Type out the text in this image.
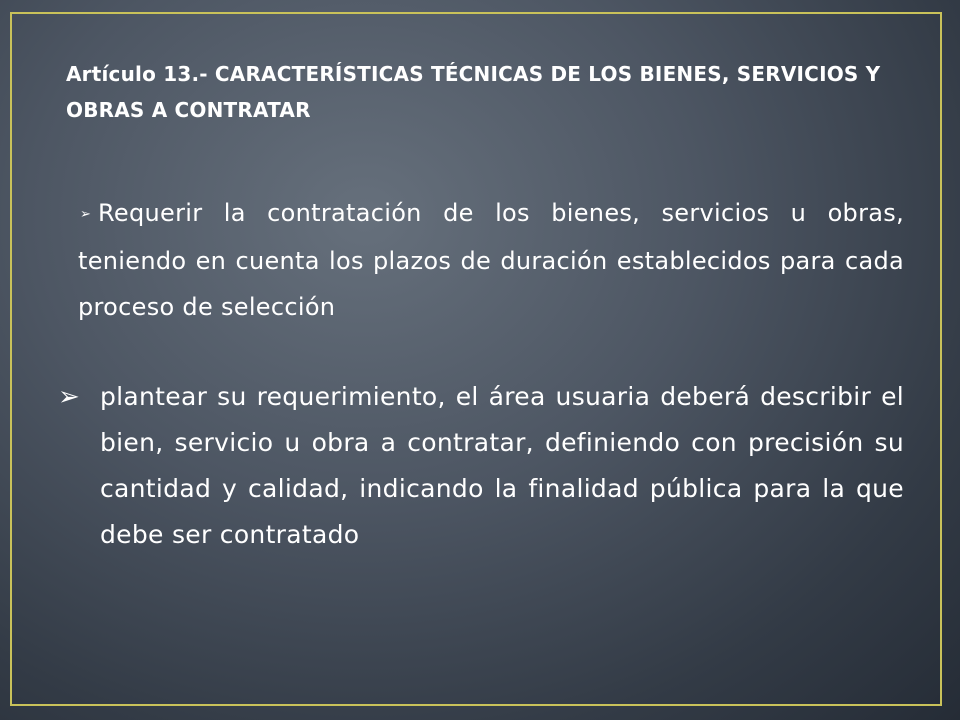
Artículo 13.- CARACTERÍSTICAS TÉCNICAS DE LOS BIENES, SERVICIOS Y OBRAS A CONTRATAR

➢ Requerir la contratación de los bienes, servicios u obras, teniendo en cuenta los plazos de duración establecidos para cada proceso de selección

➢ plantear su requerimiento, el área usuaria deberá describir el bien, servicio u obra a contratar, definiendo con precisión su cantidad y calidad, indicando la finalidad pública para la que debe ser contratado
